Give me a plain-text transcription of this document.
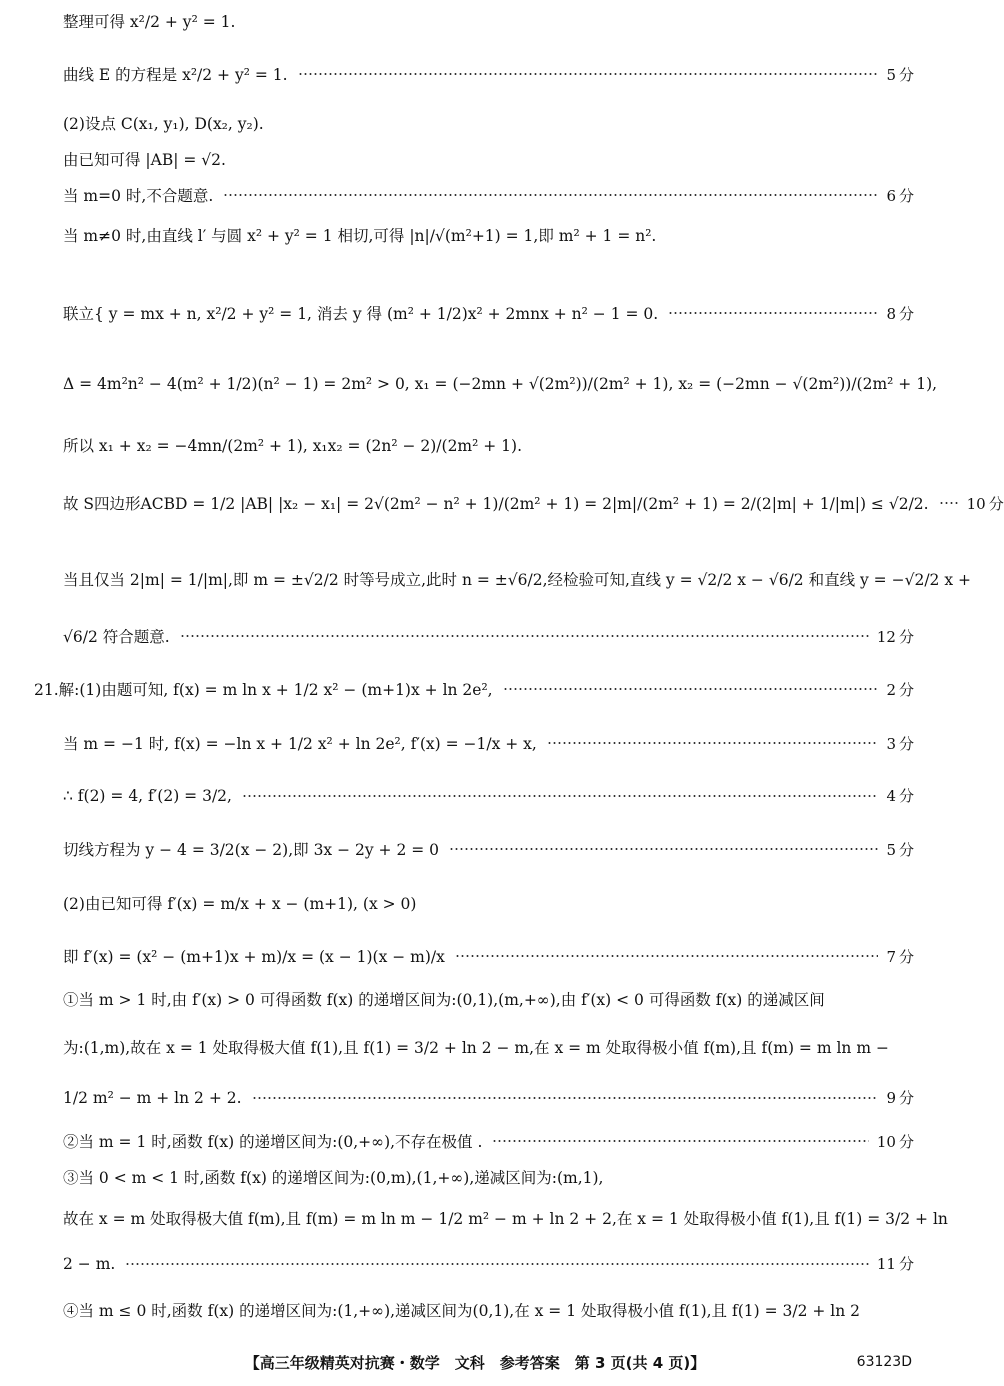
整理可得 x²/2 + y² = 1.
曲线 E 的方程是 x²/2 + y² = 1.	5 分
(2)设点 C(x₁, y₁), D(x₂, y₂).
由已知可得 |AB| = √2.
当 m=0 时,不合题意.	6 分
当 m≠0 时,由直线 l′ 与圆 x² + y² = 1 相切,可得 |n|/√(m²+1) = 1,即 m² + 1 = n².
联立{ y = mx + n, x²/2 + y² = 1, 消去 y 得 (m² + 1/2)x² + 2mnx + n² − 1 = 0.	8 分
Δ = 4m²n² − 4(m² + 1/2)(n² − 1) = 2m² > 0, x₁ = (−2mn + √(2m²))/(2m² + 1), x₂ = (−2mn − √(2m²))/(2m² + 1),
所以 x₁ + x₂ = −4mn/(2m² + 1), x₁x₂ = (2n² − 2)/(2m² + 1).
故 S四边形ACBD = 1/2 |AB| |x₂ − x₁| = 2√(2m² − n² + 1)/(2m² + 1) = 2|m|/(2m² + 1) = 2/(2|m| + 1/|m|) ≤ √2/2.	10 分
当且仅当 2|m| = 1/|m|,即 m = ±√2/2 时等号成立,此时 n = ±√6/2,经检验可知,直线 y = √2/2 x − √6/2 和直线 y = −√2/2 x +
√6/2 符合题意.	12 分
21.解:(1)由题可知, f(x) = m ln x + 1/2 x² − (m+1)x + ln 2e²,	2 分
当 m = −1 时, f(x) = −ln x + 1/2 x² + ln 2e², f′(x) = −1/x + x,	3 分
∴ f(2) = 4, f′(2) = 3/2,	4 分
切线方程为 y − 4 = 3/2(x − 2),即 3x − 2y + 2 = 0	5 分
(2)由已知可得 f′(x) = m/x + x − (m+1), (x > 0)
即 f′(x) = (x² − (m+1)x + m)/x = (x − 1)(x − m)/x	7 分
①当 m > 1 时,由 f′(x) > 0 可得函数 f(x) 的递增区间为:(0,1),(m,+∞),由 f′(x) < 0 可得函数 f(x) 的递减区间
为:(1,m),故在 x = 1 处取得极大值 f(1),且 f(1) = 3/2 + ln 2 − m,在 x = m 处取得极小值 f(m),且 f(m) = m ln m −
1/2 m² − m + ln 2 + 2.	9 分
②当 m = 1 时,函数 f(x) 的递增区间为:(0,+∞),不存在极值 .	10 分
③当 0 < m < 1 时,函数 f(x) 的递增区间为:(0,m),(1,+∞),递减区间为:(m,1),
故在 x = m 处取得极大值 f(m),且 f(m) = m ln m − 1/2 m² − m + ln 2 + 2,在 x = 1 处取得极小值 f(1),且 f(1) = 3/2 + ln
2 − m.	11 分
④当 m ≤ 0 时,函数 f(x) 的递增区间为:(1,+∞),递减区间为(0,1),在 x = 1 处取得极小值 f(1),且 f(1) = 3/2 + ln 2
【高三年级精英对抗赛・数学　文科　参考答案　第 3 页(共 4 页)】	63123D
